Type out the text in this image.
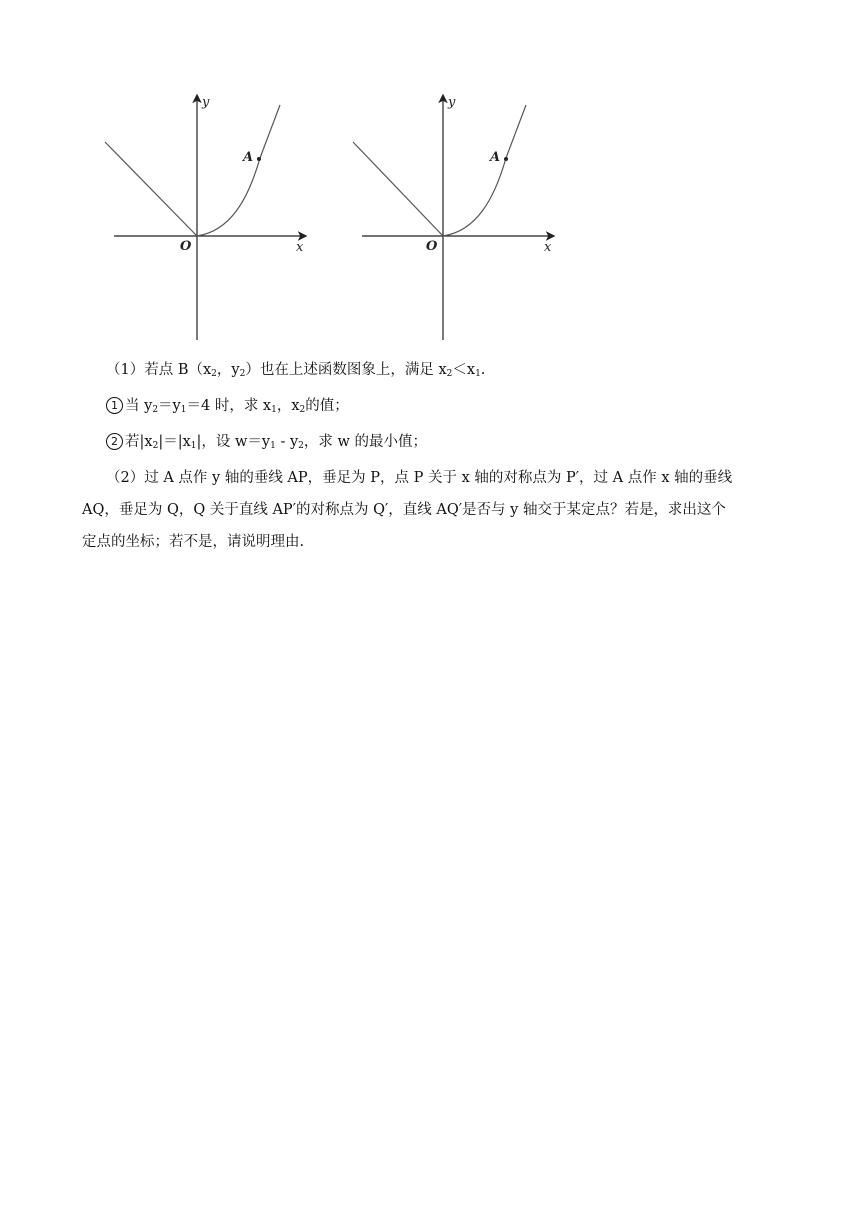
y
x
O
A
y
x
O
A
（1）若点 $B(x_2$，$y_2$）也在上述函数图象上，满足 $x_2<x_1$.
1 当 $y_2=y_1=4$ 时，求 $x_1$，$x_2$的值；
2 若$|x_2|=|x_1|$，设 $w=y_1 - y_2$，求 w 的最小值；
（2）过 A 点作 y 轴的垂线 AP，垂足为 P，点 P 关于 x 轴的对称点为 P′，过 A 点作 x 轴的垂线
AQ，垂足为 Q，Q 关于直线 AP′的对称点为 Q′，直线 AQ′是否与 y 轴交于某定点？若是，求出这个
定点的坐标；若不是，请说明理由.
